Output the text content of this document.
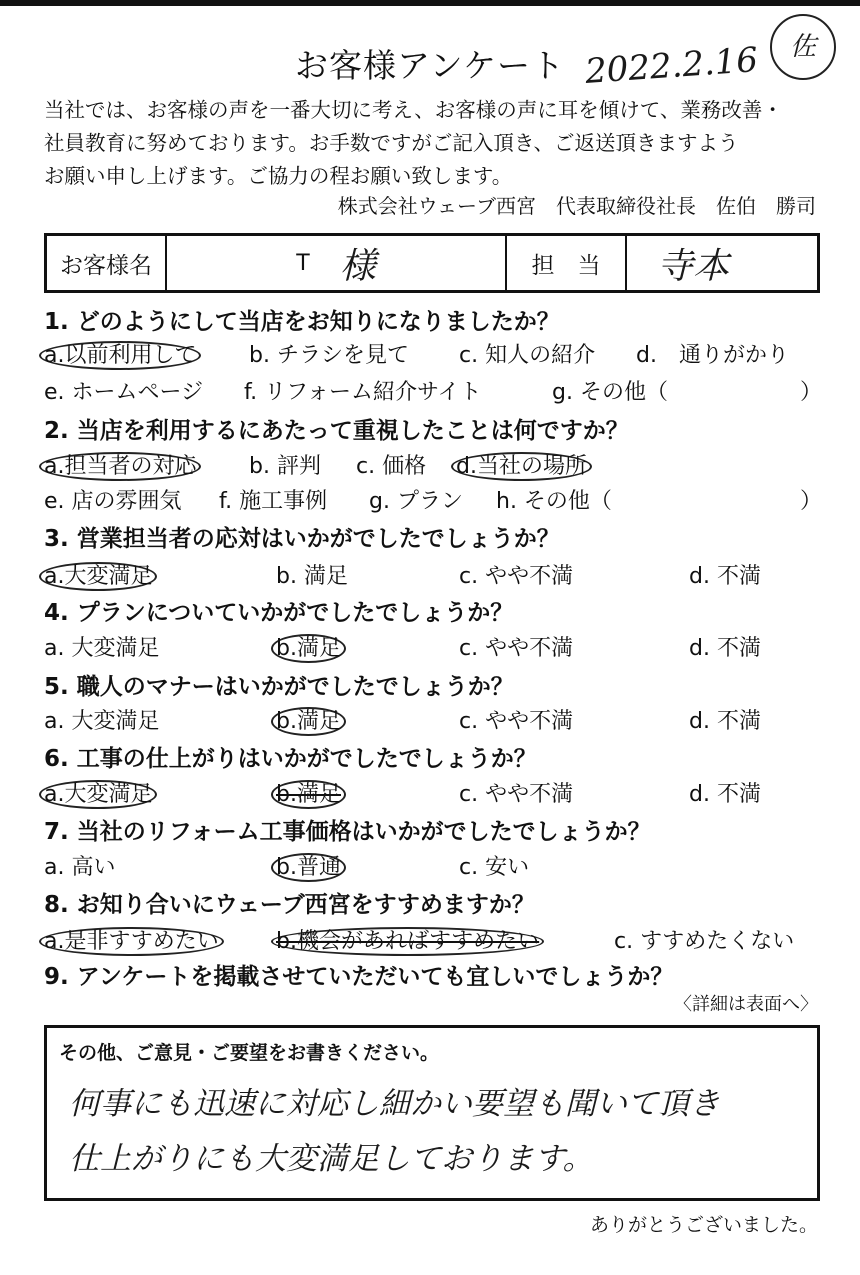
お客様アンケート 2022.2.16	佐
当社では、お客様の声を一番大切に考え、お客様の声に耳を傾けて、業務改善・
社員教育に努めております。お手数ですがご記入頂き、ご返送頂きますよう
お願い申し上げます。ご協力の程お願い致します。
株式会社ウェーブ西宮　代表取締役社長　佐伯　勝司
お客様名	T 様	担　当	寺本
1. どのようにして当店をお知りになりましたか？
a.以前利用して b. チラシを見て c. 知人の紹介 d.　通りがかり
e. ホームページ f. リフォーム紹介サイト	g. その他（	）
2. 当店を利用するにあたって重視したことは何ですか？
a.担当者の対応 b. 評判 c. 価格 d.当社の場所
e. 店の雰囲気 f. 施工事例 g. プラン h. その他（	）
3. 営業担当者の応対はいかがでしたでしょうか？
a.大変満足	b. 満足	c. やや不満	d. 不満
4. プランについていかがでしたでしょうか？
a. 大変満足	b.満足	c. やや不満	d. 不満
5. 職人のマナーはいかがでしたでしょうか？
a. 大変満足	b.満足	c. やや不満	d. 不満
6. 工事の仕上がりはいかがでしたでしょうか？
a.大変満足	b.満足	c. やや不満	d. 不満
7. 当社のリフォーム工事価格はいかがでしたでしょうか？
a. 高い	b.普通	c. 安い
8. お知り合いにウェーブ西宮をすすめますか？
a.是非すすめたい	b.機会があればすすめたい	c. すすめたくない
9. アンケートを掲載させていただいても宜しいでしょうか？
〈詳細は表面へ〉
その他、ご意見・ご要望をお書きください。
何事にも迅速に対応し細かい要望も聞いて頂き
仕上がりにも大変満足しております。
ありがとうございました。
